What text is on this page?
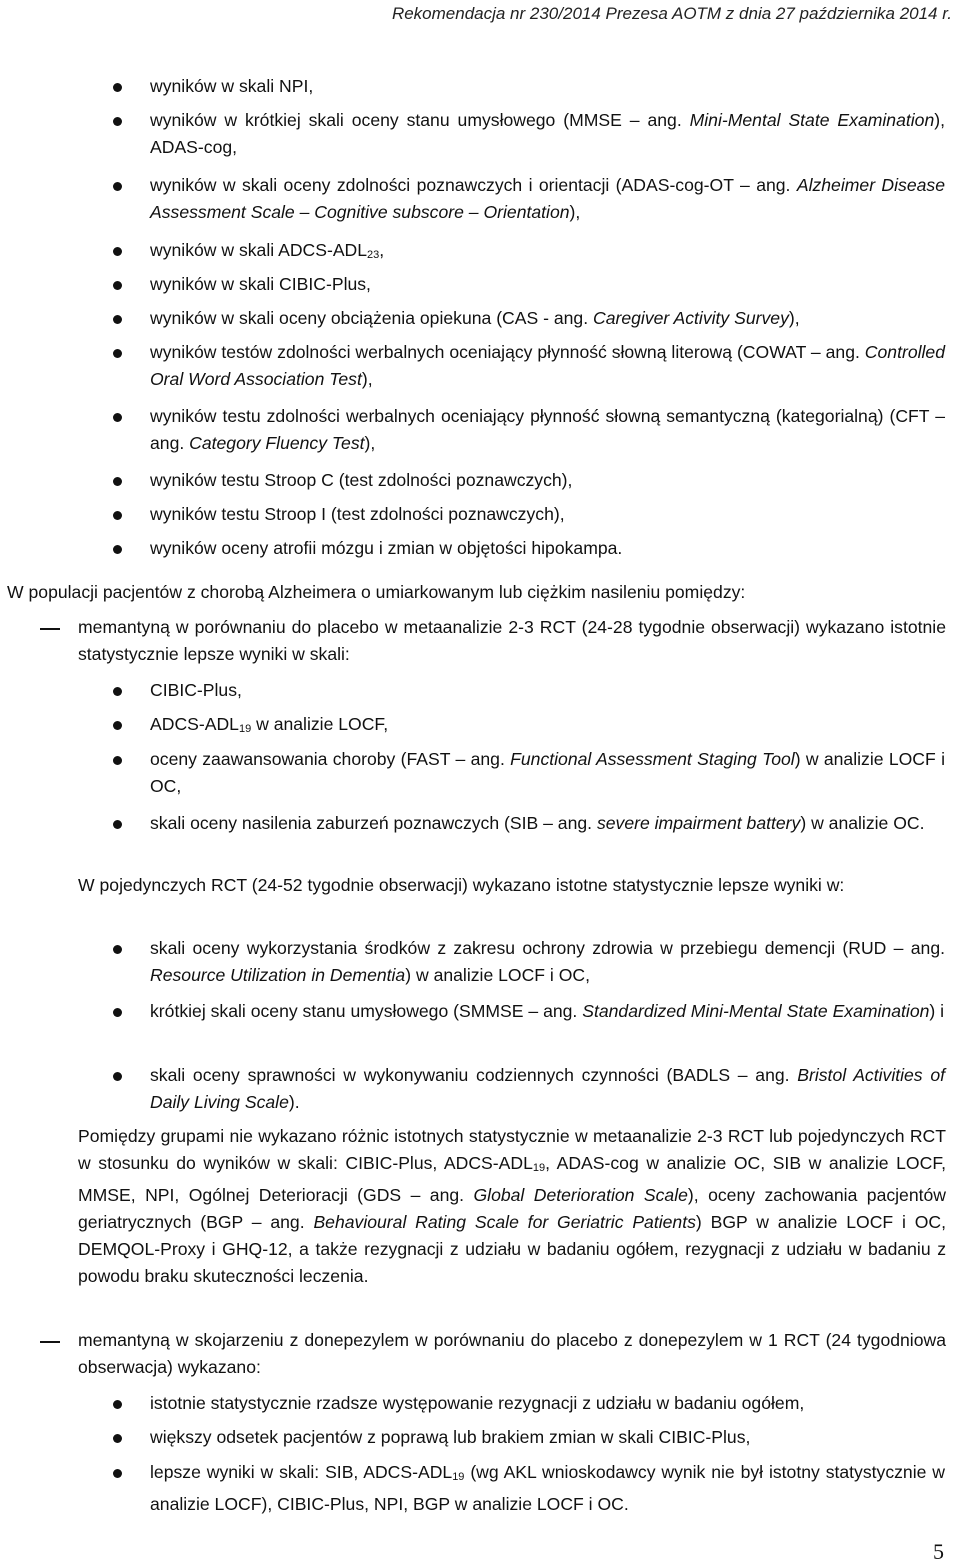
Rekomendacja nr 230/2014 Prezesa AOTM z dnia 27 października 2014 r.
wyników w skali NPI,
wyników w krótkiej skali oceny stanu umysłowego (MMSE – ang. Mini-Mental State Examination), ADAS-cog,
wyników w skali oceny zdolności poznawczych i orientacji (ADAS-cog-OT – ang. Alzheimer Disease Assessment Scale – Cognitive subscore – Orientation),
wyników w skali ADCS-$ADL_{23}$,
wyników w skali CIBIC-Plus,
wyników w skali oceny obciążenia opiekuna (CAS - ang. Caregiver Activity Survey),
wyników testów zdolności werbalnych oceniający płynność słowną literową (COWAT – ang. Controlled Oral Word Association Test),
wyników testu zdolności werbalnych oceniający płynność słowną semantyczną (kategorialną) (CFT – ang. Category Fluency Test),
wyników testu Stroop C (test zdolności poznawczych),
wyników testu Stroop I (test zdolności poznawczych),
wyników oceny atrofii mózgu i zmian w objętości hipokampa.
W populacji pacjentów z chorobą Alzheimera o umiarkowanym lub ciężkim nasileniu pomiędzy:
memantyną w porównaniu do placebo w metaanalizie 2-3 RCT (24-28 tygodnie obserwacji) wykazano istotnie statystycznie lepsze wyniki w skali:
CIBIC-Plus,
ADCS-$ADL_{19}$ w analizie LOCF,
oceny zaawansowania choroby (FAST – ang. Functional Assessment Staging Tool) w analizie LOCF i OC,
skali oceny nasilenia zaburzeń poznawczych (SIB – ang. severe impairment battery) w analizie OC.
W pojedynczych RCT (24-52 tygodnie obserwacji) wykazano istotne statystycznie lepsze wyniki w:
skali oceny wykorzystania środków z zakresu ochrony zdrowia w przebiegu demencji (RUD – ang. Resource Utilization in Dementia) w analizie LOCF i OC,
krótkiej skali oceny stanu umysłowego (SMMSE – ang. Standardized Mini-Mental State Examination) i
skali oceny sprawności w wykonywaniu codziennych czynności (BADLS – ang. Bristol Activities of Daily Living Scale).
Pomiędzy grupami nie wykazano różnic istotnych statystycznie w metaanalizie 2-3 RCT lub pojedynczych RCT w stosunku do wyników w skali: CIBIC-Plus, ADCS-$ADL_{19}$, ADAS-cog w analizie OC, SIB w analizie LOCF, MMSE, NPI, Ogólnej Deterioracji (GDS – ang. Global Deterioration Scale), oceny zachowania pacjentów geriatrycznych (BGP – ang. Behavioural Rating Scale for Geriatric Patients) BGP w analizie LOCF i OC, DEMQOL-Proxy i GHQ-12, a także rezygnacji z udziału w badaniu ogółem, rezygnacji z udziału w badaniu z powodu braku skuteczności leczenia.
memantyną w skojarzeniu z donepezylem w porównaniu do placebo z donepezylem w 1 RCT (24 tygodniowa obserwacja) wykazano:
istotnie statystycznie rzadsze występowanie rezygnacji z udziału w badaniu ogółem,
większy odsetek pacjentów z poprawą lub brakiem zmian w skali CIBIC-Plus,
lepsze wyniki w skali: SIB, ADCS-$ADL_{19}$ (wg AKL wnioskodawcy wynik nie był istotny statystycznie w analizie LOCF), CIBIC-Plus, NPI, BGP w analizie LOCF i OC.
5
